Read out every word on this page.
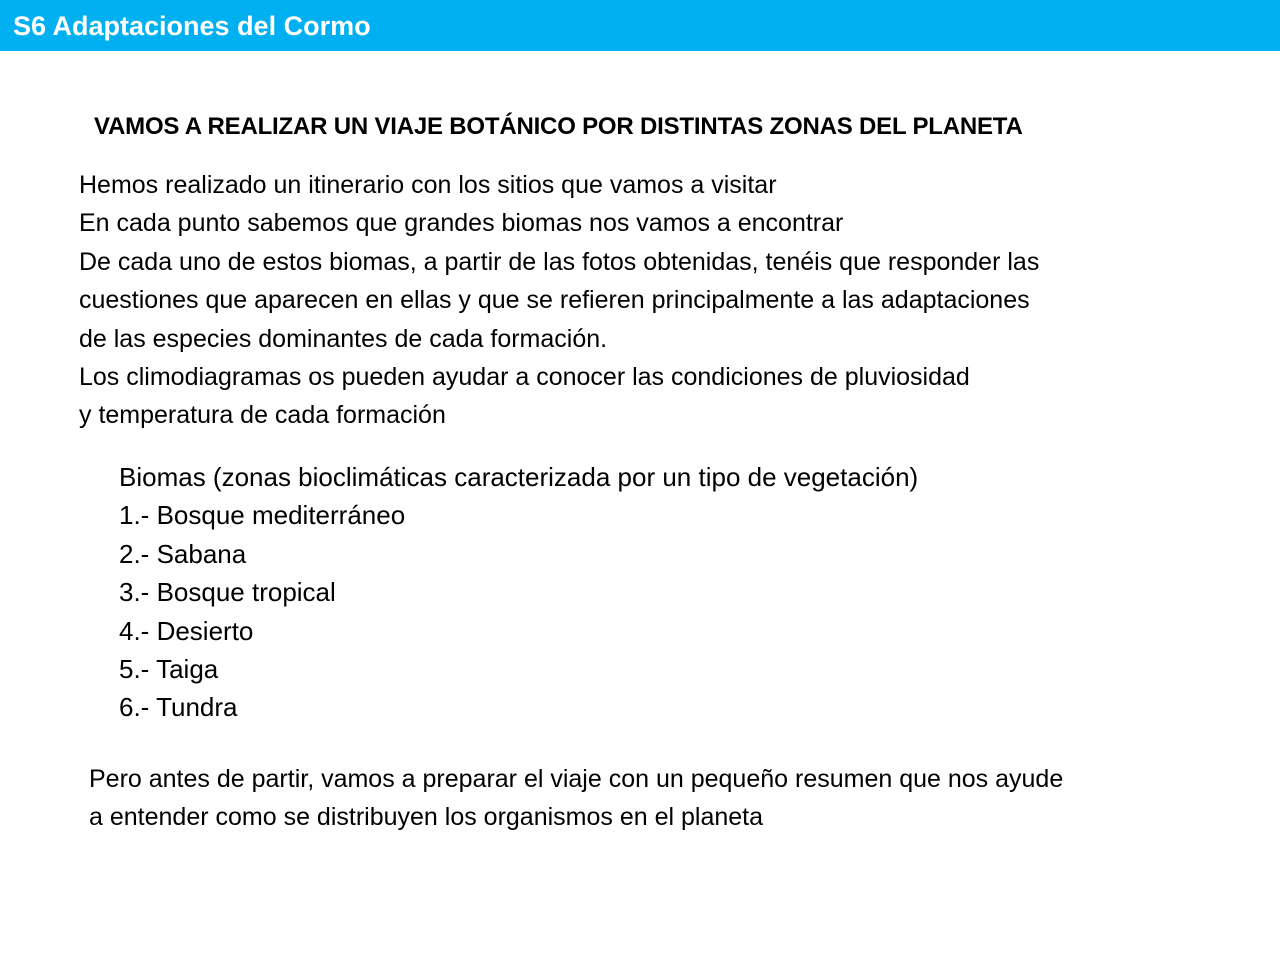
S6 Adaptaciones del Cormo
VAMOS A REALIZAR UN VIAJE BOTÁNICO POR DISTINTAS ZONAS DEL PLANETA
Hemos realizado un itinerario con los sitios que vamos a visitar
En cada punto sabemos que grandes biomas nos vamos a encontrar
De cada uno de estos biomas, a partir de las fotos obtenidas, tenéis que responder las
cuestiones que aparecen en ellas y que se refieren principalmente a las adaptaciones
de las especies dominantes de cada formación.
Los climodiagramas os pueden ayudar a conocer las condiciones de pluviosidad
y temperatura de cada formación
Biomas (zonas bioclimáticas caracterizada por un tipo de vegetación)
1.- Bosque mediterráneo
2.- Sabana
3.- Bosque tropical
4.- Desierto
5.- Taiga
6.- Tundra
Pero antes de partir, vamos a preparar el viaje con un pequeño resumen que nos ayude
a entender como se distribuyen los organismos en el planeta
